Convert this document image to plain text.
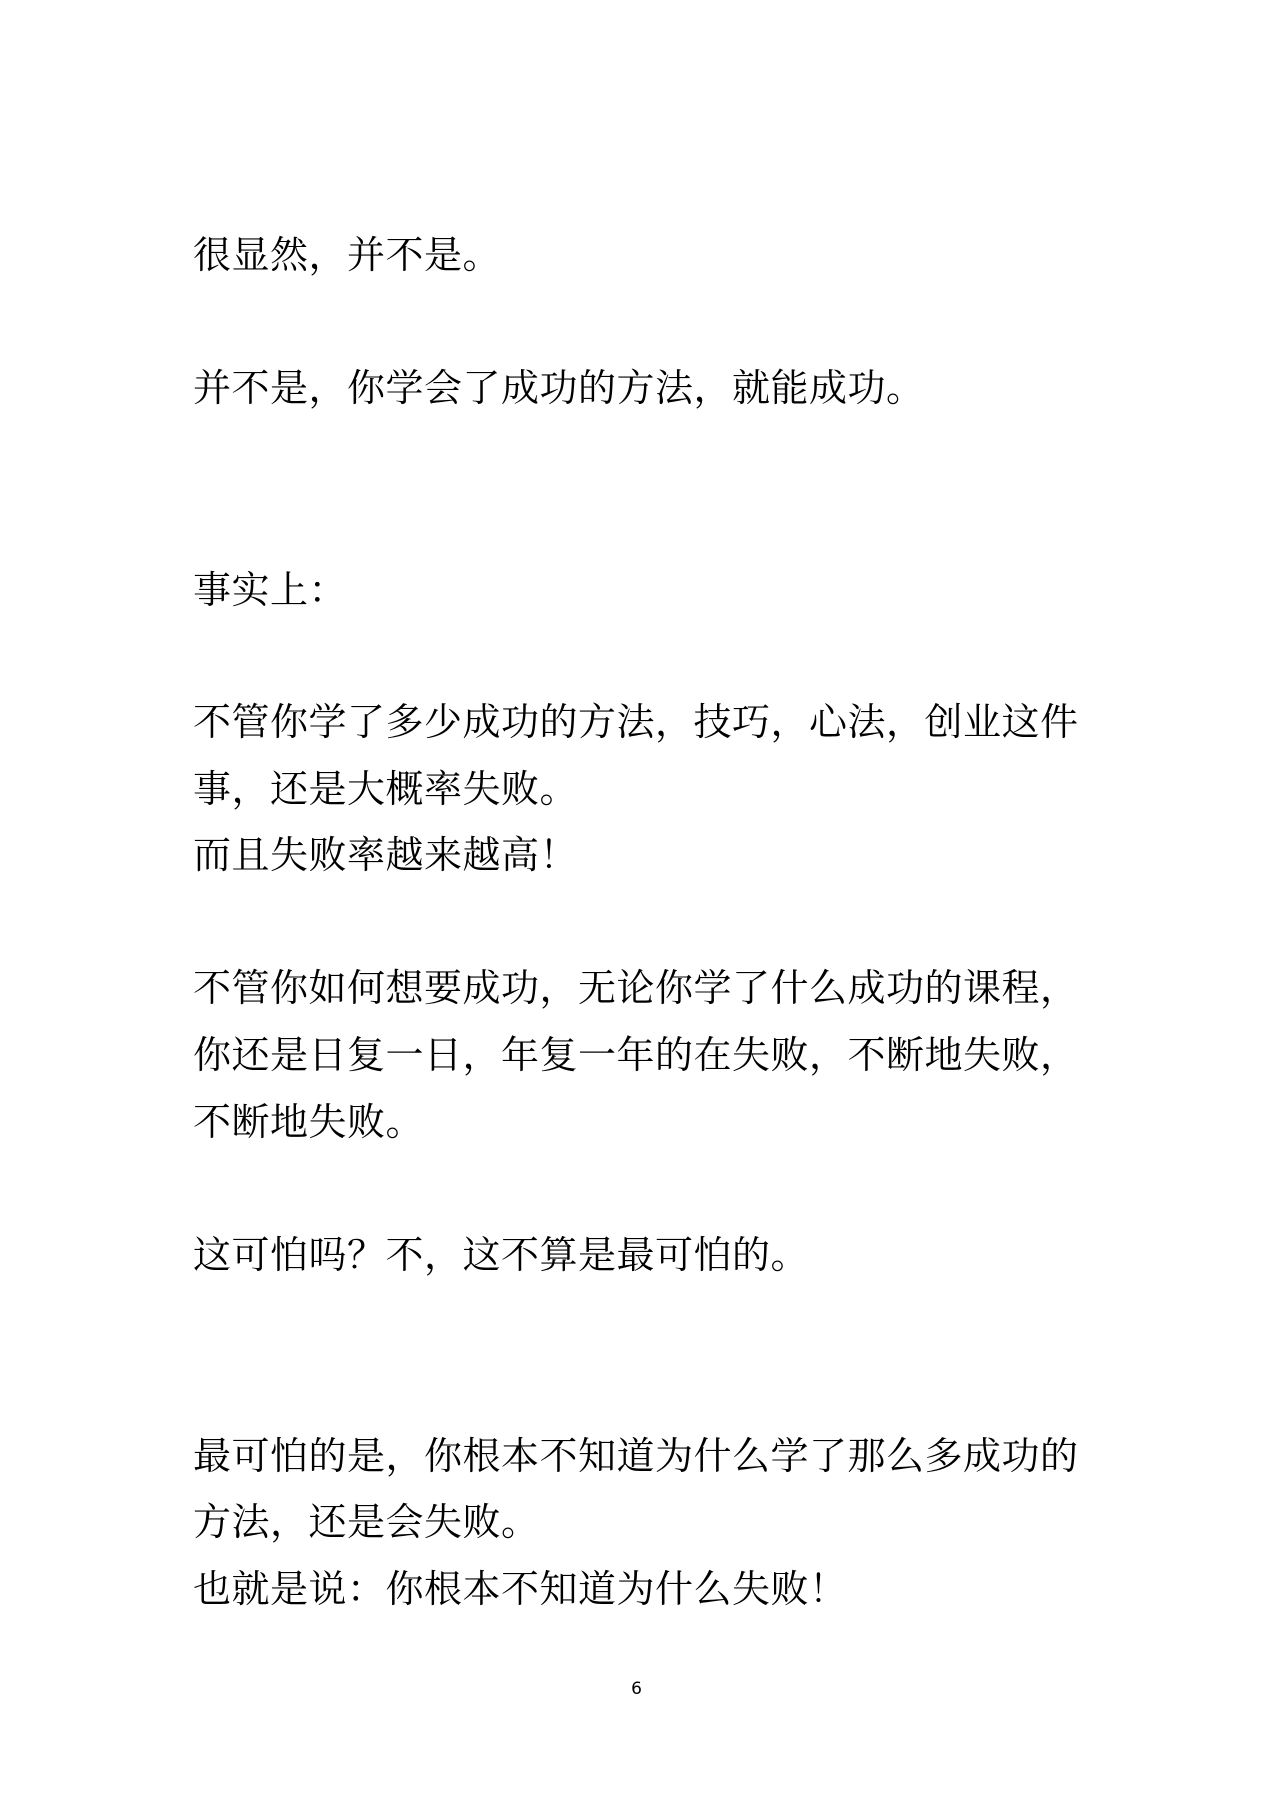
很显然，并不是。
并不是，你学会了成功的方法，就能成功。
事实上：
不管你学了多少成功的方法，技巧，心法，创业这件
事，还是大概率失败。
而且失败率越来越高！
不管你如何想要成功，无论你学了什么成功的课程，
你还是日复一日，年复一年的在失败，不断地失败，
不断地失败。
这可怕吗？不，这不算是最可怕的。
最可怕的是，你根本不知道为什么学了那么多成功的
方法，还是会失败。
也就是说：你根本不知道为什么失败！
6
